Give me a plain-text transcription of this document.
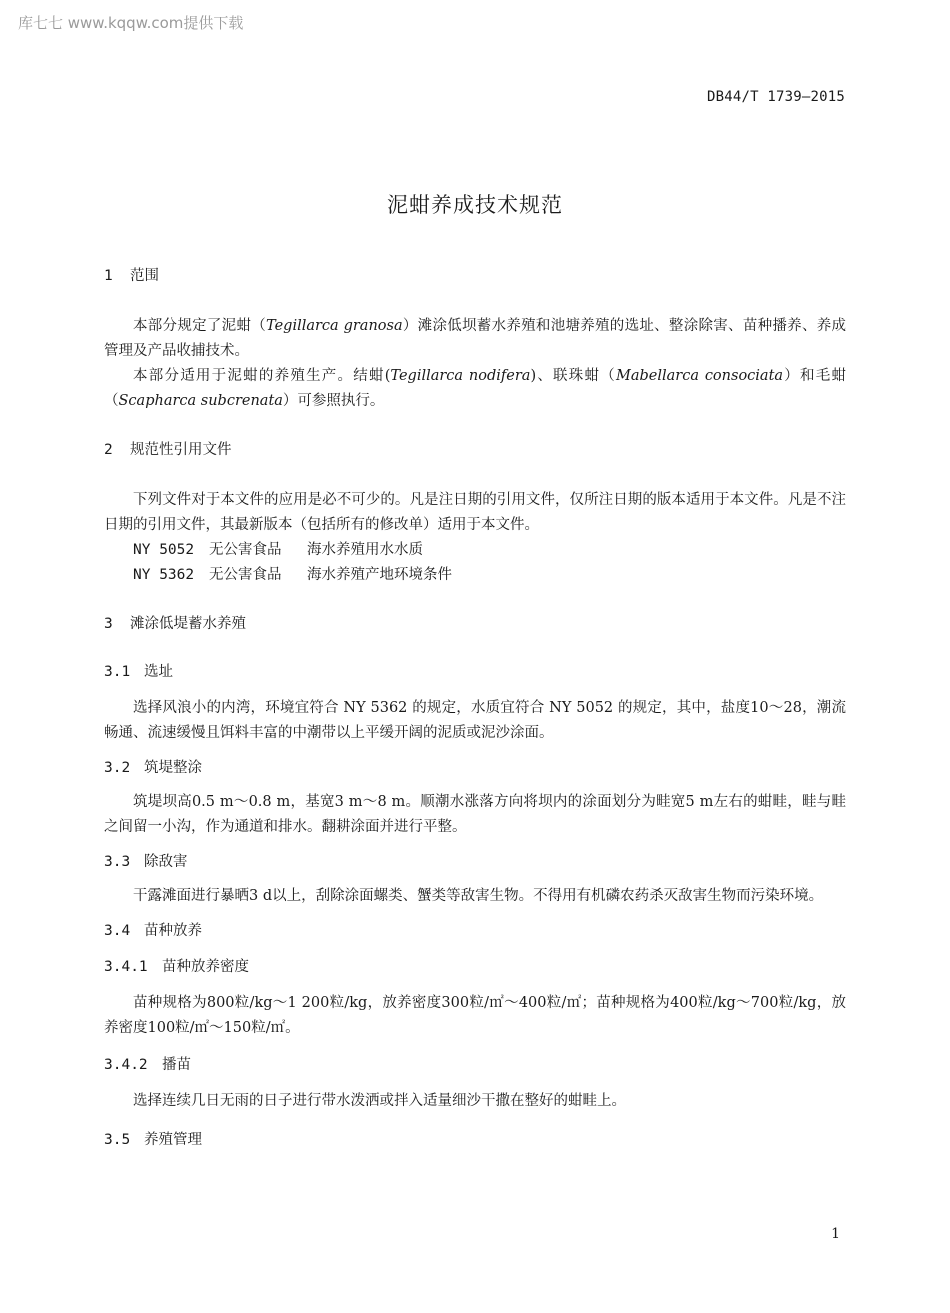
库七七 www.kqqw.com提供下载
DB44/T 1739—2015
泥蚶养成技术规范
1 范围

本部分规定了泥蚶（Tegillarca granosa）滩涂低坝蓄水养殖和池塘养殖的选址、整涂除害、苗种播养、养成管理及产品收捕技术。

本部分适用于泥蚶的养殖生产。结蚶(Tegillarca nodifera)、联珠蚶（Mabellarca consociata）和毛蚶（Scapharca subcrenata）可参照执行。

2 规范性引用文件

下列文件对于本文件的应用是必不可少的。凡是注日期的引用文件，仅所注日期的版本适用于本文件。凡是不注日期的引用文件，其最新版本（包括所有的修改单）适用于本文件。

NY 5052 无公害食品 海水养殖用水水质
NY 5362 无公害食品 海水养殖产地环境条件
3 滩涂低堤蓄水养殖
3.1 选址

选择风浪小的内湾，环境宜符合 NY 5362 的规定，水质宜符合 NY 5052 的规定，其中，盐度10～28，潮流畅通、流速缓慢且饵料丰富的中潮带以上平缓开阔的泥质或泥沙涂面。

3.2 筑堤整涂

筑堤坝高0.5 m～0.8 m，基宽3 m～8 m。顺潮水涨落方向将坝内的涂面划分为畦宽5 m左右的蚶畦，畦与畦之间留一小沟，作为通道和排水。翻耕涂面并进行平整。

3.3 除敌害

干露滩面进行暴晒3 d以上，刮除涂面螺类、蟹类等敌害生物。不得用有机磷农药杀灭敌害生物而污染环境。

3.4 苗种放养
3.4.1 苗种放养密度

苗种规格为800粒/kg～1 200粒/kg，放养密度300粒/㎡～400粒/㎡；苗种规格为400粒/kg～700粒/kg，放养密度100粒/㎡～150粒/㎡。

3.4.2 播苗

选择连续几日无雨的日子进行带水泼洒或拌入适量细沙干撒在整好的蚶畦上。

3.5 养殖管理
1
